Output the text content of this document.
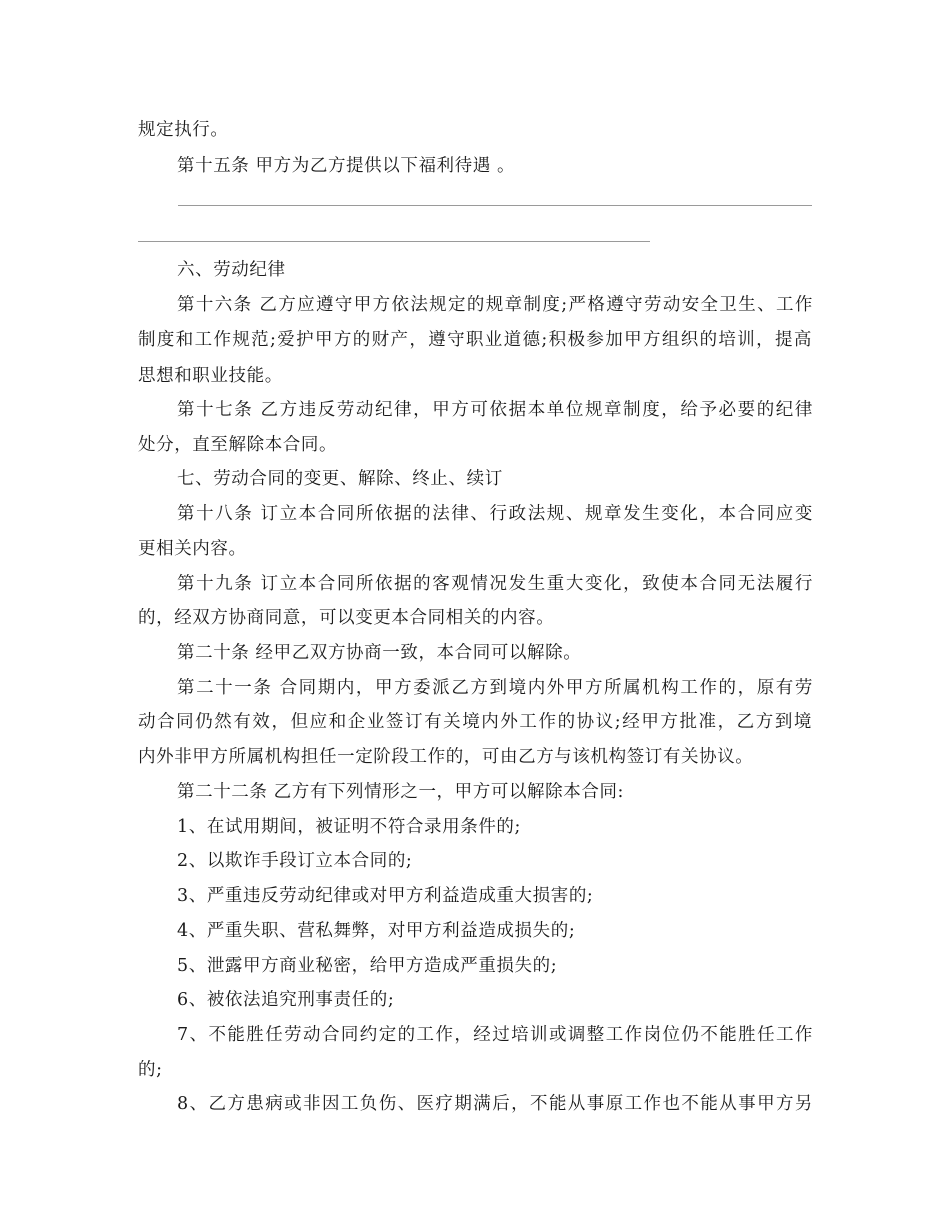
规定执行。
第十五条 甲方为乙方提供以下福利待遇 。
六、劳动纪律
第十六条 乙方应遵守甲方依法规定的规章制度;严格遵守劳动安全卫生、工作
制度和工作规范;爱护甲方的财产，遵守职业道德;积极参加甲方组织的培训，提高
思想和职业技能。
第十七条 乙方违反劳动纪律，甲方可依据本单位规章制度，给予必要的纪律
处分，直至解除本合同。
七、劳动合同的变更、解除、终止、续订
第十八条 订立本合同所依据的法律、行政法规、规章发生变化，本合同应变
更相关内容。
第十九条 订立本合同所依据的客观情况发生重大变化，致使本合同无法履行
的，经双方协商同意，可以变更本合同相关的内容。
第二十条 经甲乙双方协商一致，本合同可以解除。
第二十一条 合同期内，甲方委派乙方到境内外甲方所属机构工作的，原有劳
动合同仍然有效，但应和企业签订有关境内外工作的协议;经甲方批准，乙方到境
内外非甲方所属机构担任一定阶段工作的，可由乙方与该机构签订有关协议。
第二十二条 乙方有下列情形之一，甲方可以解除本合同:
1、在试用期间，被证明不符合录用条件的;
2、以欺诈手段订立本合同的;
3、严重违反劳动纪律或对甲方利益造成重大损害的;
4、严重失职、营私舞弊，对甲方利益造成损失的;
5、泄露甲方商业秘密，给甲方造成严重损失的;
6、被依法追究刑事责任的;
7、不能胜任劳动合同约定的工作，经过培训或调整工作岗位仍不能胜任工作
的;
8、乙方患病或非因工负伤、医疗期满后，不能从事原工作也不能从事甲方另
